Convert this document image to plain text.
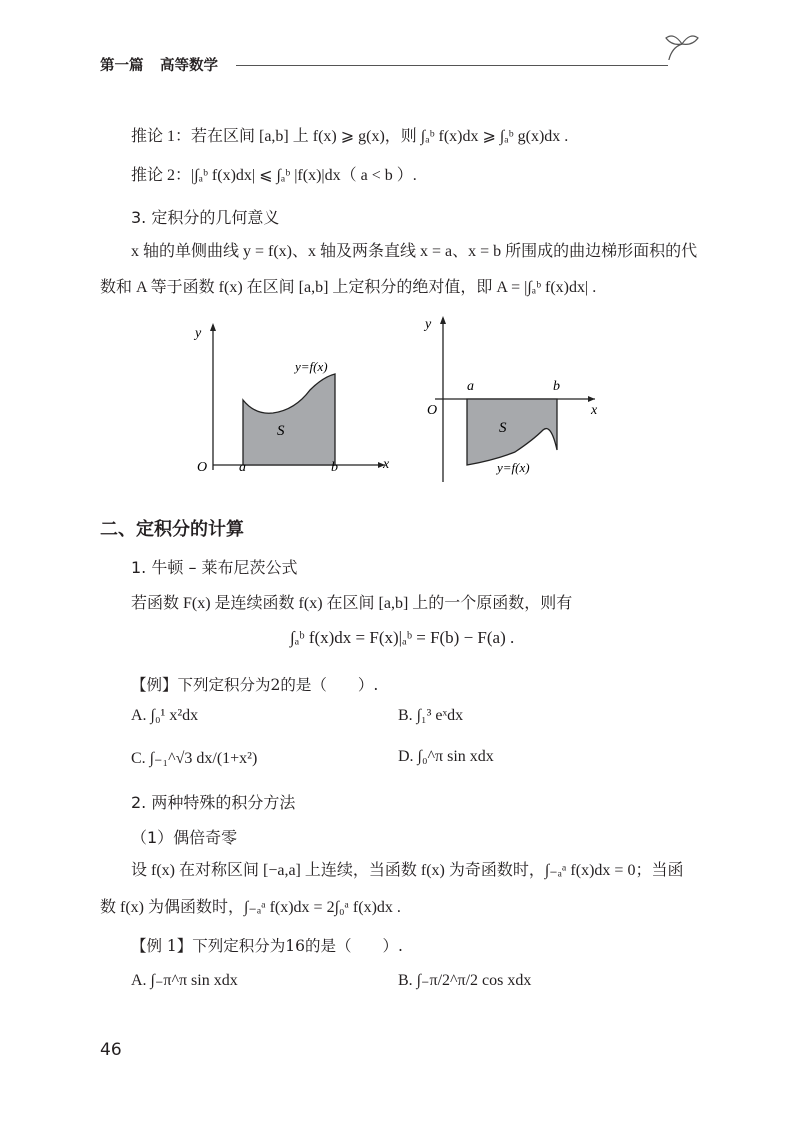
第一篇 高等数学
推论 1：若在区间 [a,b] 上 f(x) ⩾ g(x)，则 ∫ₐᵇ f(x)dx ⩾ ∫ₐᵇ g(x)dx .
推论 2：|∫ₐᵇ f(x)dx| ⩽ ∫ₐᵇ |f(x)|dx（ a < b ）.
3. 定积分的几何意义
x 轴的单侧曲线 y = f(x)、x 轴及两条直线 x = a、x = b 所围成的曲边梯形面积的代
数和 A 等于函数 f(x) 在区间 [a,b] 上定积分的绝对值，即 A = |∫ₐᵇ f(x)dx| .
y
x
O a	b
y=f(x)
S
y
x
O
a	b
S
y=f(x)
二、定积分的计算
1. 牛顿 – 莱布尼茨公式
若函数 F(x) 是连续函数 f(x) 在区间 [a,b] 上的一个原函数，则有
∫ₐᵇ f(x)dx = F(x)|ₐᵇ = F(b) − F(a) .
【例】下列定积分为2的是（　　）.
A. ∫₀¹ x²dx	B. ∫₁³ eˣdx
C. ∫₋₁^√3 dx/(1+x²)	D. ∫₀^π sin xdx
2. 两种特殊的积分方法
（1）偶倍奇零
设 f(x) 在对称区间 [−a,a] 上连续，当函数 f(x) 为奇函数时，∫₋ₐᵃ f(x)dx = 0；当函
数 f(x) 为偶函数时，∫₋ₐᵃ f(x)dx = 2∫₀ᵃ f(x)dx .
【例 1】下列定积分为16的是（　　）.
A. ∫₋π^π sin xdx	B. ∫₋π/2^π/2 cos xdx
46
